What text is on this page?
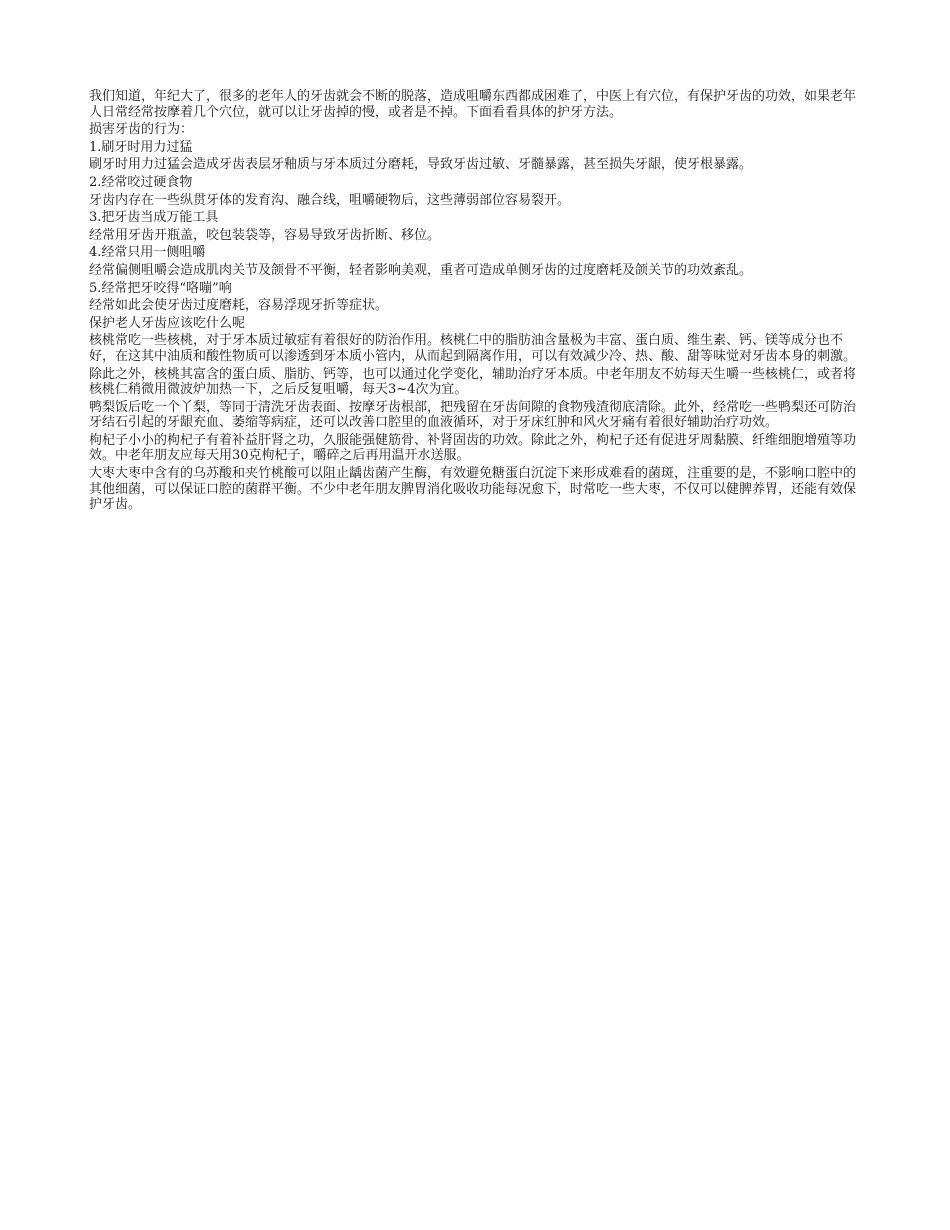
我们知道，年纪大了，很多的老年人的牙齿就会不断的脱落，造成咀嚼东西都成困难了，中医上有穴位，有保护牙齿的功效，如果老年人日常经常按摩着几个穴位，就可以让牙齿掉的慢，或者是不掉。下面看看具体的护牙方法。

损害牙齿的行为：

1.刷牙时用力过猛

刷牙时用力过猛会造成牙齿表层牙釉质与牙本质过分磨耗，导致牙齿过敏、牙髓暴露，甚至损失牙龈，使牙根暴露。

2.经常咬过硬食物

牙齿内存在一些纵贯牙体的发育沟、融合线，咀嚼硬物后，这些薄弱部位容易裂开。

3.把牙齿当成万能工具

经常用牙齿开瓶盖，咬包装袋等，容易导致牙齿折断、移位。

4.经常只用一侧咀嚼

经常偏侧咀嚼会造成肌肉关节及颌骨不平衡，轻者影响美观，重者可造成单侧牙齿的过度磨耗及颌关节的功效紊乱。

5.经常把牙咬得“咯嘣”响

经常如此会使牙齿过度磨耗，容易浮现牙折等症状。

保护老人牙齿应该吃什么呢

核桃常吃一些核桃，对于牙本质过敏症有着很好的防治作用。核桃仁中的脂肪油含量极为丰富、蛋白质、维生素、钙、镁等成分也不好，在这其中油质和酸性物质可以渗透到牙本质小管内，从而起到隔离作用，可以有效减少冷、热、酸、甜等味觉对牙齿本身的刺激。

除此之外，核桃其富含的蛋白质、脂肪、钙等，也可以通过化学变化，辅助治疗牙本质。中老年朋友不妨每天生嚼一些核桃仁，或者将核桃仁稍微用微波炉加热一下，之后反复咀嚼，每天3~4次为宜。

鸭梨饭后吃一个丫梨，等同于清洗牙齿表面、按摩牙齿根部，把残留在牙齿间隙的食物残渣彻底清除。此外，经常吃一些鸭梨还可防治牙结石引起的牙龈充血、萎缩等病症，还可以改善口腔里的血液循环，对于牙床红肿和风火牙痛有着很好辅助治疗功效。

枸杞子小小的枸杞子有着补益肝肾之功，久服能强健筋骨、补肾固齿的功效。除此之外，枸杞子还有促进牙周黏膜、纤维细胞增殖等功效。中老年朋友应每天用30克枸杞子，嚼碎之后再用温开水送服。

大枣大枣中含有的乌苏酸和夹竹桃酸可以阻止龋齿菌产生酶，有效避免糖蛋白沉淀下来形成难看的菌斑，注重要的是，不影响口腔中的其他细菌，可以保证口腔的菌群平衡。不少中老年朋友脾胃消化吸收功能每况愈下，时常吃一些大枣，不仅可以健脾养胃，还能有效保护牙齿。
